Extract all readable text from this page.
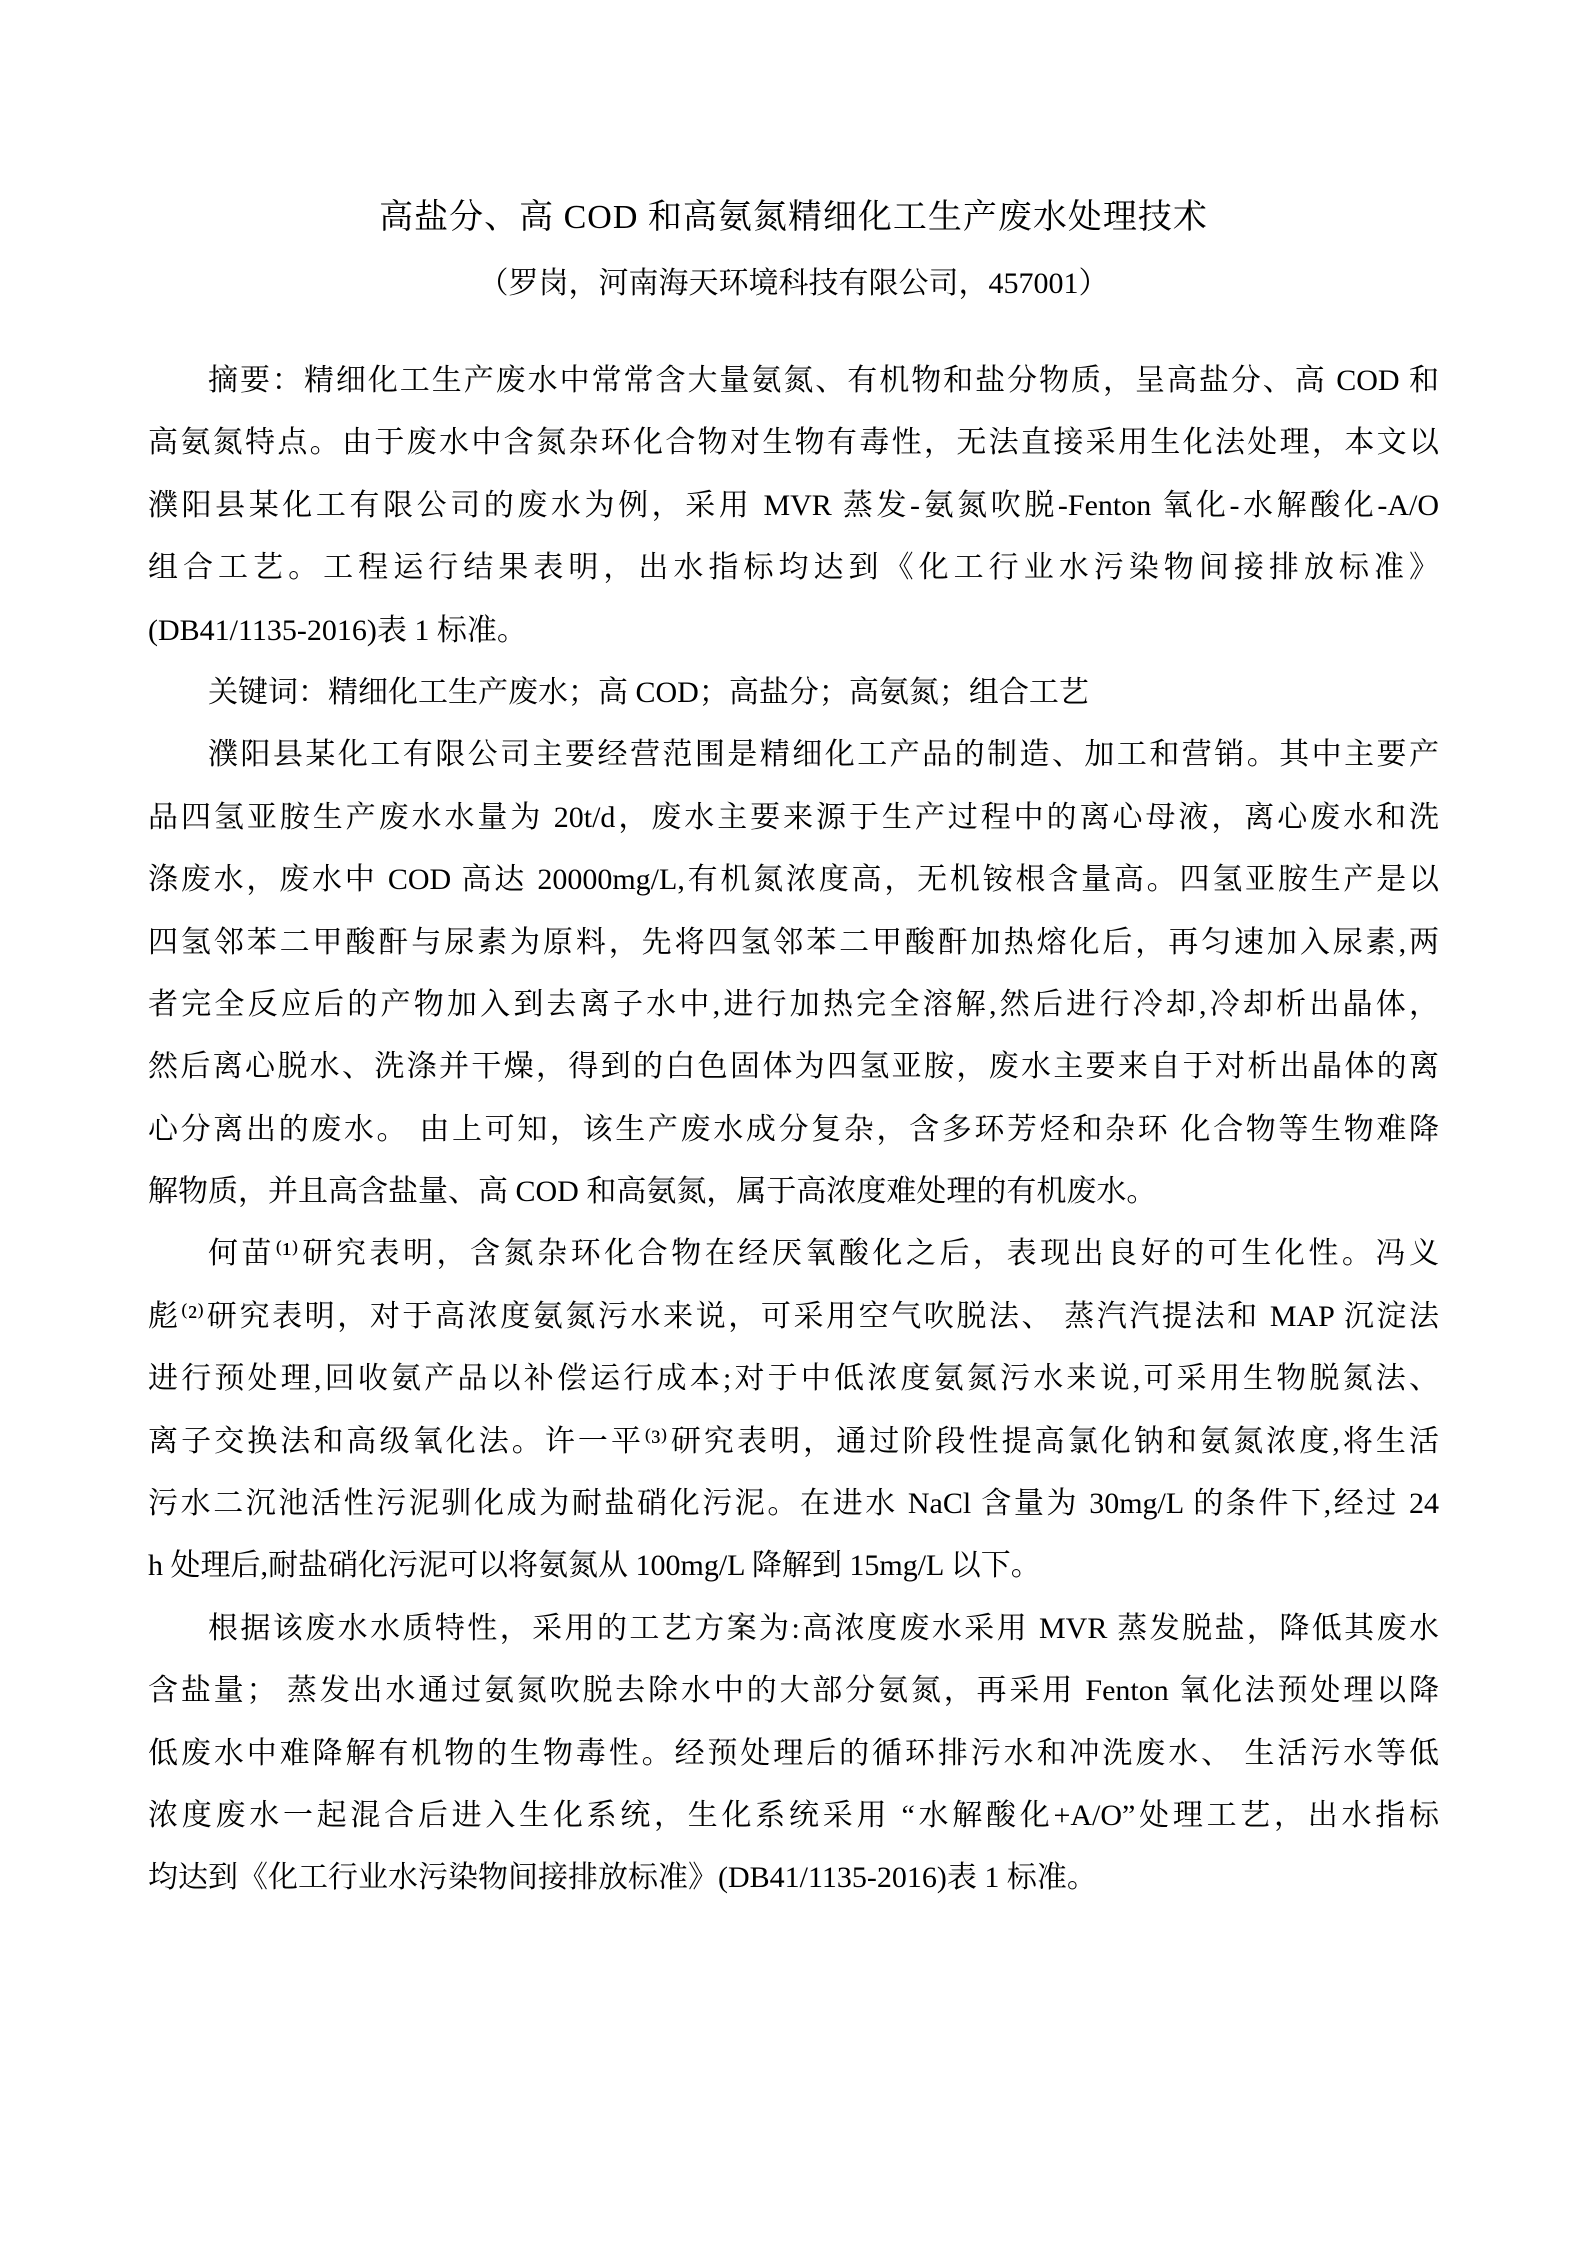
高盐分、高 COD 和高氨氮精细化工生产废水处理技术
（罗岗，河南海天环境科技有限公司，457001）
摘要：精细化工生产废水中常常含大量氨氮、有机物和盐分物质，呈高盐分、高 COD 和
高氨氮特点。由于废水中含氮杂环化合物对生物有毒性，无法直接采用生化法处理，本文以
濮阳县某化工有限公司的废水为例，采用 MVR 蒸发-氨氮吹脱-Fenton 氧化-水解酸化-A/O
组合工艺。工程运行结果表明，出水指标均达到《化工行业水污染物间接排放标准》
(DB41/1135-2016)表 1 标准。
关键词：精细化工生产废水；高 COD；高盐分；高氨氮；组合工艺
濮阳县某化工有限公司主要经营范围是精细化工产品的制造、加工和营销。其中主要产
品四氢亚胺生产废水水量为 20t/d，废水主要来源于生产过程中的离心母液，离心废水和洗
涤废水，废水中 COD 高达 20000mg/L,有机氮浓度高，无机铵根含量高。四氢亚胺生产是以
四氢邻苯二甲酸酐与尿素为原料，先将四氢邻苯二甲酸酐加热熔化后，再匀速加入尿素,两
者完全反应后的产物加入到去离子水中,进行加热完全溶解,然后进行冷却,冷却析出晶体，
然后离心脱水、洗涤并干燥，得到的白色固体为四氢亚胺，废水主要来自于对析出晶体的离
心分离出的废水。 由上可知，该生产废水成分复杂，含多环芳烃和杂环 化合物等生物难降
解物质，并且高含盐量、高 COD 和高氨氮，属于高浓度难处理的有机废水。
何苗⁽¹⁾研究表明，含氮杂环化合物在经厌氧酸化之后，表现出良好的可生化性。冯义
彪⁽²⁾研究表明，对于高浓度氨氮污水来说，可采用空气吹脱法、 蒸汽汽提法和 MAP 沉淀法
进行预处理,回收氨产品以补偿运行成本;对于中低浓度氨氮污水来说,可采用生物脱氮法、
离子交换法和高级氧化法。许一平⁽³⁾研究表明，通过阶段性提高氯化钠和氨氮浓度,将生活
污水二沉池活性污泥驯化成为耐盐硝化污泥。在进水 NaCl 含量为 30mg/L 的条件下,经过 24
h 处理后,耐盐硝化污泥可以将氨氮从 100mg/L 降解到 15mg/L 以下。
根据该废水水质特性，采用的工艺方案为:高浓度废水采用 MVR 蒸发脱盐，降低其废水
含盐量； 蒸发出水通过氨氮吹脱去除水中的大部分氨氮，再采用 Fenton 氧化法预处理以降
低废水中难降解有机物的生物毒性。经预处理后的循环排污水和冲洗废水、 生活污水等低
浓度废水一起混合后进入生化系统，生化系统采用 “水解酸化+A/O”处理工艺，出水指标
均达到《化工行业水污染物间接排放标准》(DB41/1135-2016)表 1 标准。
